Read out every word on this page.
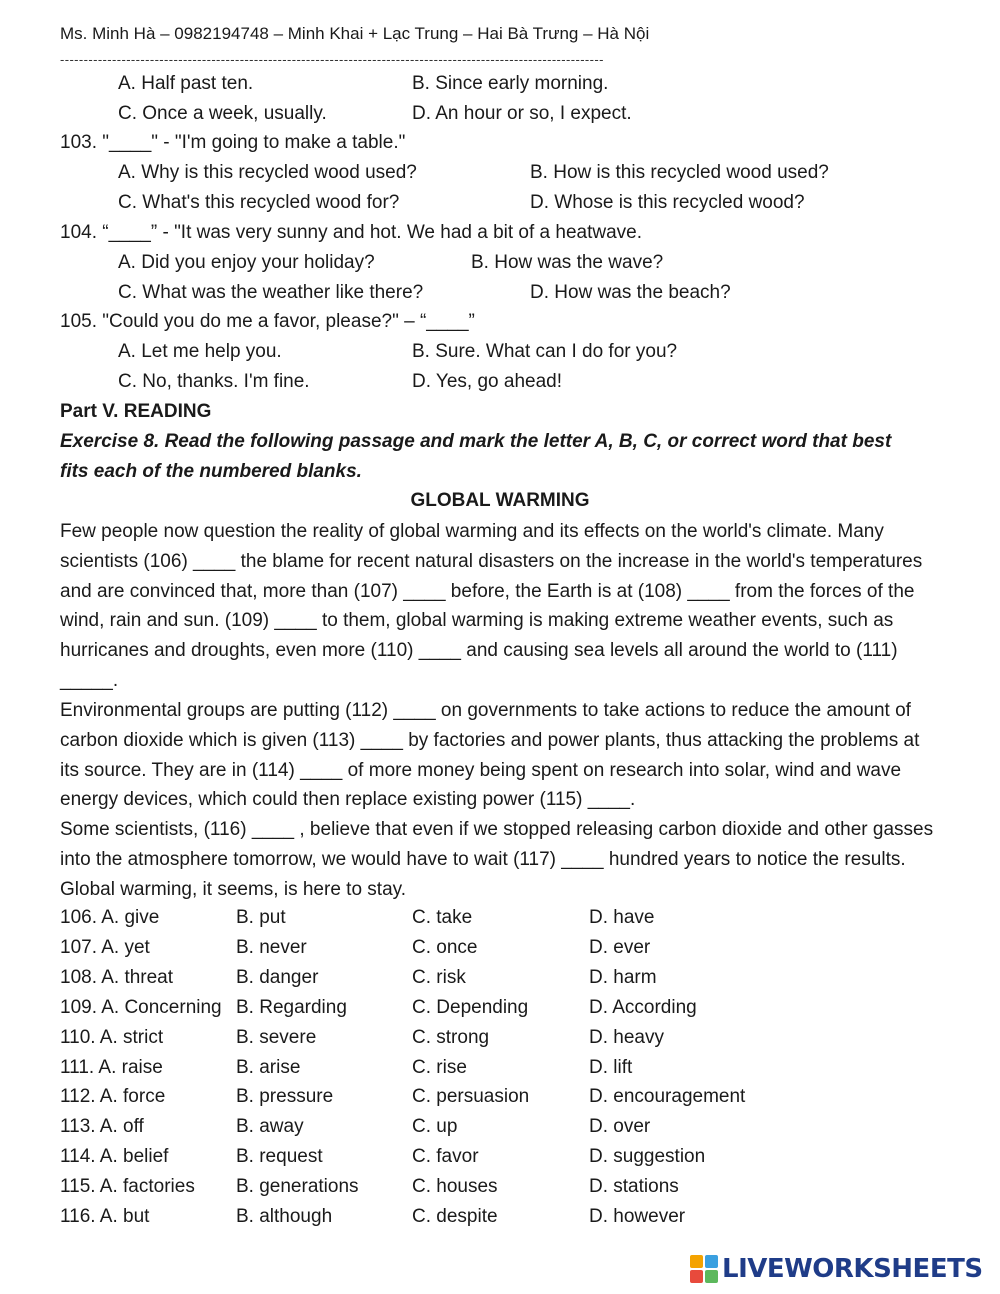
Ms. Minh Hà – 0982194748 – Minh Khai + Lạc Trung – Hai Bà Trưng – Hà Nội
-------------------------------------------------------------------------------------------------------------------
A. Half past ten.	B. Since early morning.
C. Once a week, usually.	D. An hour or so, I expect.
103. "____" - "I'm going to make a table."
A. Why is this recycled wood used?	B. How is this recycled wood used?
C. What's this recycled wood for?	D. Whose is this recycled wood?
104. “____” - "It was very sunny and hot. We had a bit of a heatwave.
A. Did you enjoy your holiday?	B. How was the wave?
C. What was the weather like there?	D. How was the beach?
105. "Could you do me a favor, please?" – “____”
A. Let me help you.	B. Sure. What can I do for you?
C. No, thanks. I'm fine.	D. Yes, go ahead!
Part V. READING
Exercise 8. Read the following passage and mark the letter A, B, C, or correct word that best
fits each of the numbered blanks.
GLOBAL WARMING

Few people now question the reality of global warming and its effects on the world's climate. Many scientists (106) ____ the blame for recent natural disasters on the increase in the world's temperatures and are convinced that, more than (107) ____ before, the Earth is at (108) ____ from the forces of the wind, rain and sun. (109) ____ to them, global warming is making extreme weather events, such as hurricanes and droughts, even more (110) ____ and causing sea levels all around the world to (111) _____.

Environmental groups are putting (112) ____ on governments to take actions to reduce the amount of carbon dioxide which is given (113) ____ by factories and power plants, thus attacking the problems at its source. They are in (114) ____ of more money being spent on research into solar, wind and wave energy devices, which could then replace existing power (115) ____.

Some scientists, (116) ____ , believe that even if we stopped releasing carbon dioxide and other gasses into the atmosphere tomorrow, we would have to wait (117) ____ hundred years to notice the results. Global warming, it seems, is here to stay.

106. A. give	B. put	C. take	D. have
107. A. yet	B. never	C. once	D. ever
108. A. threat	B. danger	C. risk	D. harm
109. A. Concerning B. Regarding	C. Depending	D. According
110. A. strict	B. severe	C. strong	D. heavy
111. A. raise	B. arise	C. rise	D. lift
112. A. force	B. pressure	C. persuasion	D. encouragement
113. A. off	B. away	C. up	D. over
114. A. belief	B. request	C. favor	D. suggestion
115. A. factories B. generations	C. houses	D. stations
116. A. but	B. although	C. despite	D. however
LIVEWORKSHEETS
